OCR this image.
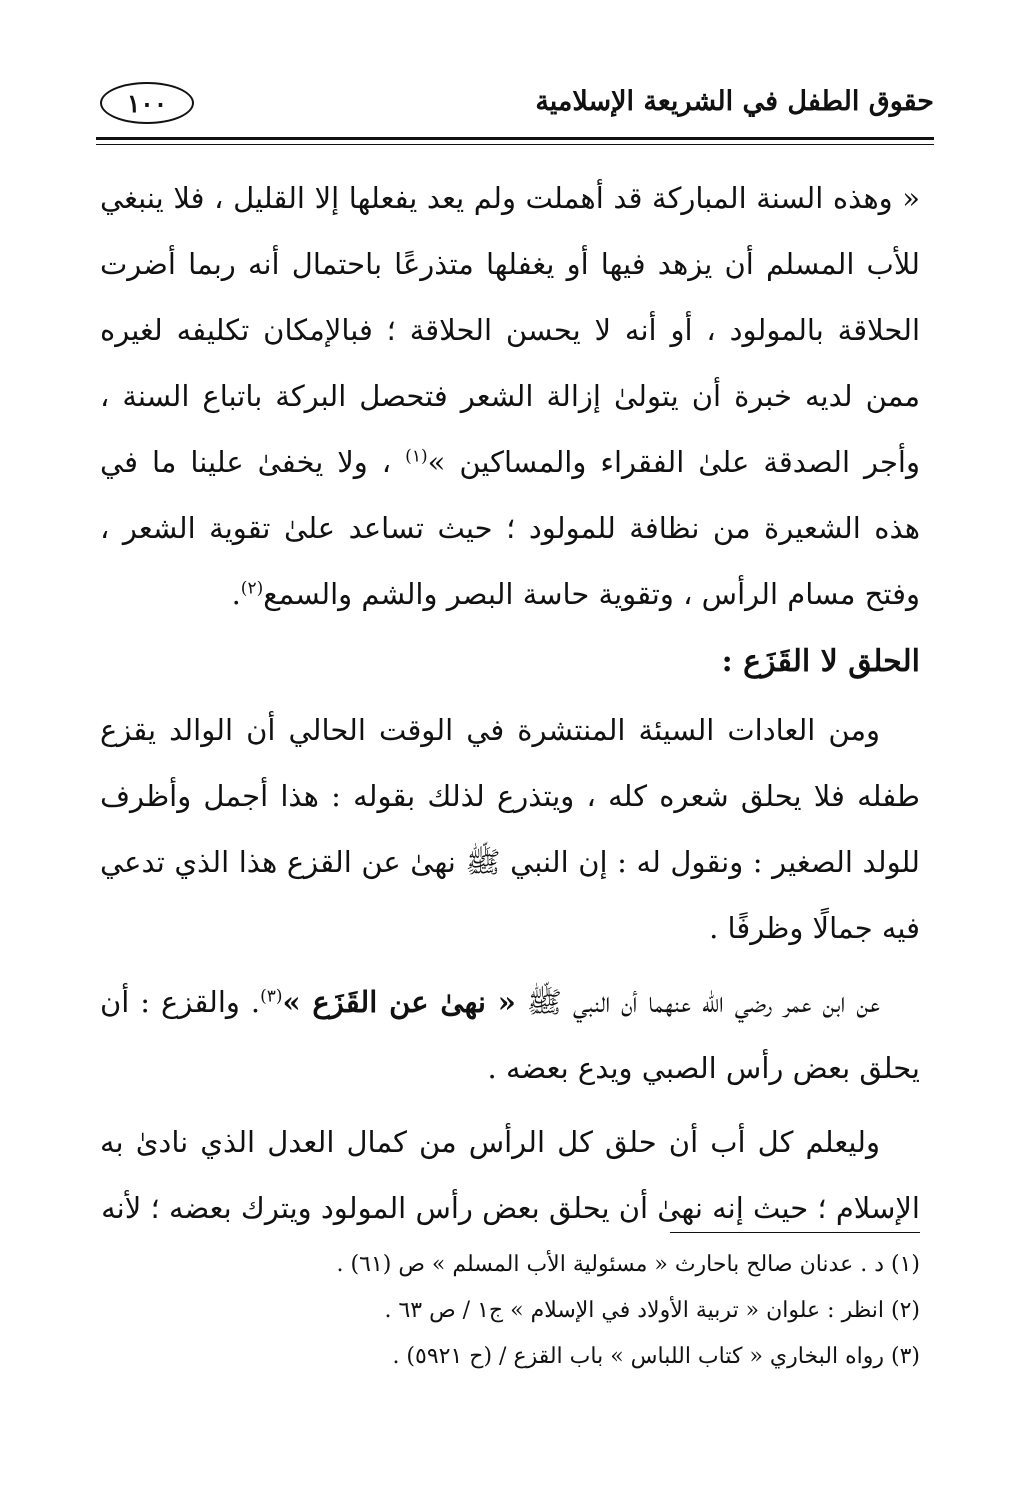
حقوق الطفل في الشريعة الإسلامية
١٠٠

« وهذه السنة المباركة قد أهملت ولم يعد يفعلها إلا القليل ، فلا ينبغي للأب المسلم أن يزهد فيها أو يغفلها متذرعًا باحتمال أنه ربما أضرت الحلاقة بالمولود ، أو أنه لا يحسن الحلاقة ؛ فبالإمكان تكليفه لغيره ممن لديه خبرة أن يتولىٰ إزالة الشعر فتحصل البركة باتباع السنة ، وأجر الصدقة علىٰ الفقراء والمساكين »$^{(١)}$ ، ولا يخفىٰ علينا ما في هذه الشعيرة من نظافة للمولود ؛ حيث تساعد علىٰ تقوية الشعر ، وفتح مسام الرأس ، وتقوية حاسة البصر والشم والسمع$^{(٢)}$.

الحلق لا القَزَع :

ومن العادات السيئة المنتشرة في الوقت الحالي أن الوالد يقزع طفله فلا يحلق شعره كله ، ويتذرع لذلك بقوله : هذا أجمل وأظرف للولد الصغير : ونقول له : إن النبي ﷺ نهىٰ عن القزع هذا الذي تدعي فيه جمالًا وظرفًا .

عن ابن عمر رضي الله عنهما أن النبي ﷺ « نهىٰ عن القَزَع »$^{(٣)}$. والقزع : أن يحلق بعض رأس الصبي ويدع بعضه .

وليعلم كل أب أن حلق كل الرأس من كمال العدل الذي نادىٰ به الإسلام ؛ حيث إنه نهىٰ أن يحلق بعض رأس المولود ويترك بعضه ؛ لأنه

(١) د . عدنان صالح باحارث « مسئولية الأب المسلم » ص (٦١) .

(٢) انظر : علوان « تربية الأولاد في الإسلام » ج١ / ص ٦٣ .

(٣) رواه البخاري « كتاب اللباس » باب القزع / (ح ٥٩٢١) .
